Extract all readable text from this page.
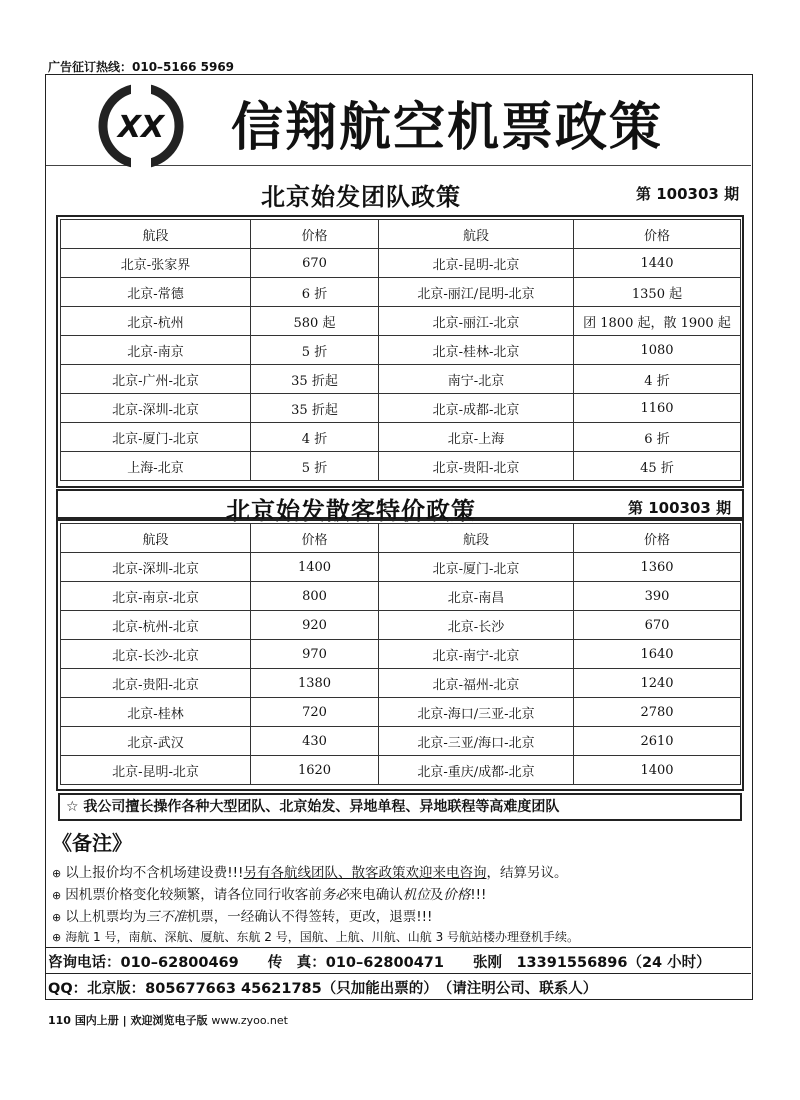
广告征订热线：010–5166 5969
XX 信翔航空机票政策
北京始发团队政策	第 100303 期
航段	价格	航段	价格
北京-张家界	670	北京-昆明-北京	1440
北京-常德	6 折	北京-丽江/昆明-北京	1350 起
北京-杭州	580 起	北京-丽江-北京	团 1800 起，散 1900 起
北京-南京	5 折	北京-桂林-北京	1080
北京-广州-北京	35 折起	南宁-北京	4 折
北京-深圳-北京	35 折起	北京-成都-北京	1160
北京-厦门-北京	4 折	北京-上海	6 折
上海-北京	5 折	北京-贵阳-北京	45 折
北京始发散客特价政策	第 100303 期
航段	价格	航段	价格
北京-深圳-北京	1400	北京-厦门-北京	1360
北京-南京-北京	800	北京-南昌	390
北京-杭州-北京	920	北京-长沙	670
北京-长沙-北京	970	北京-南宁-北京	1640
北京-贵阳-北京	1380	北京-福州-北京	1240
北京-桂林	720	北京-海口/三亚-北京	2780
北京-武汉	430	北京-三亚/海口-北京	2610
北京-昆明-北京	1620	北京-重庆/成都-北京	1400
☆ 我公司擅长操作各种大型团队、北京始发、异地单程、异地联程等高难度团队
《备注》
⊕ 以上报价均不含机场建设费!!!另有各航线团队、散客政策欢迎来电咨询，结算另议。
⊕ 因机票价格变化较频繁，请各位同行收客前务必来电确认机位及价格!!!
⊕ 以上机票均为三不准机票，一经确认不得签转，更改，退票!!!
⊕ 海航 1 号，南航、深航、厦航、东航 2 号，国航、上航、川航、山航 3 号航站楼办理登机手续。
咨询电话：010–62800469　　传　真：010–62800471　　张刚　13391556896（24 小时）
QQ：北京版：805677663 45621785（只加能出票的）　（请注明公司、联系人）
110 国内上册 | 欢迎浏览电子版 www.zyoo.net
